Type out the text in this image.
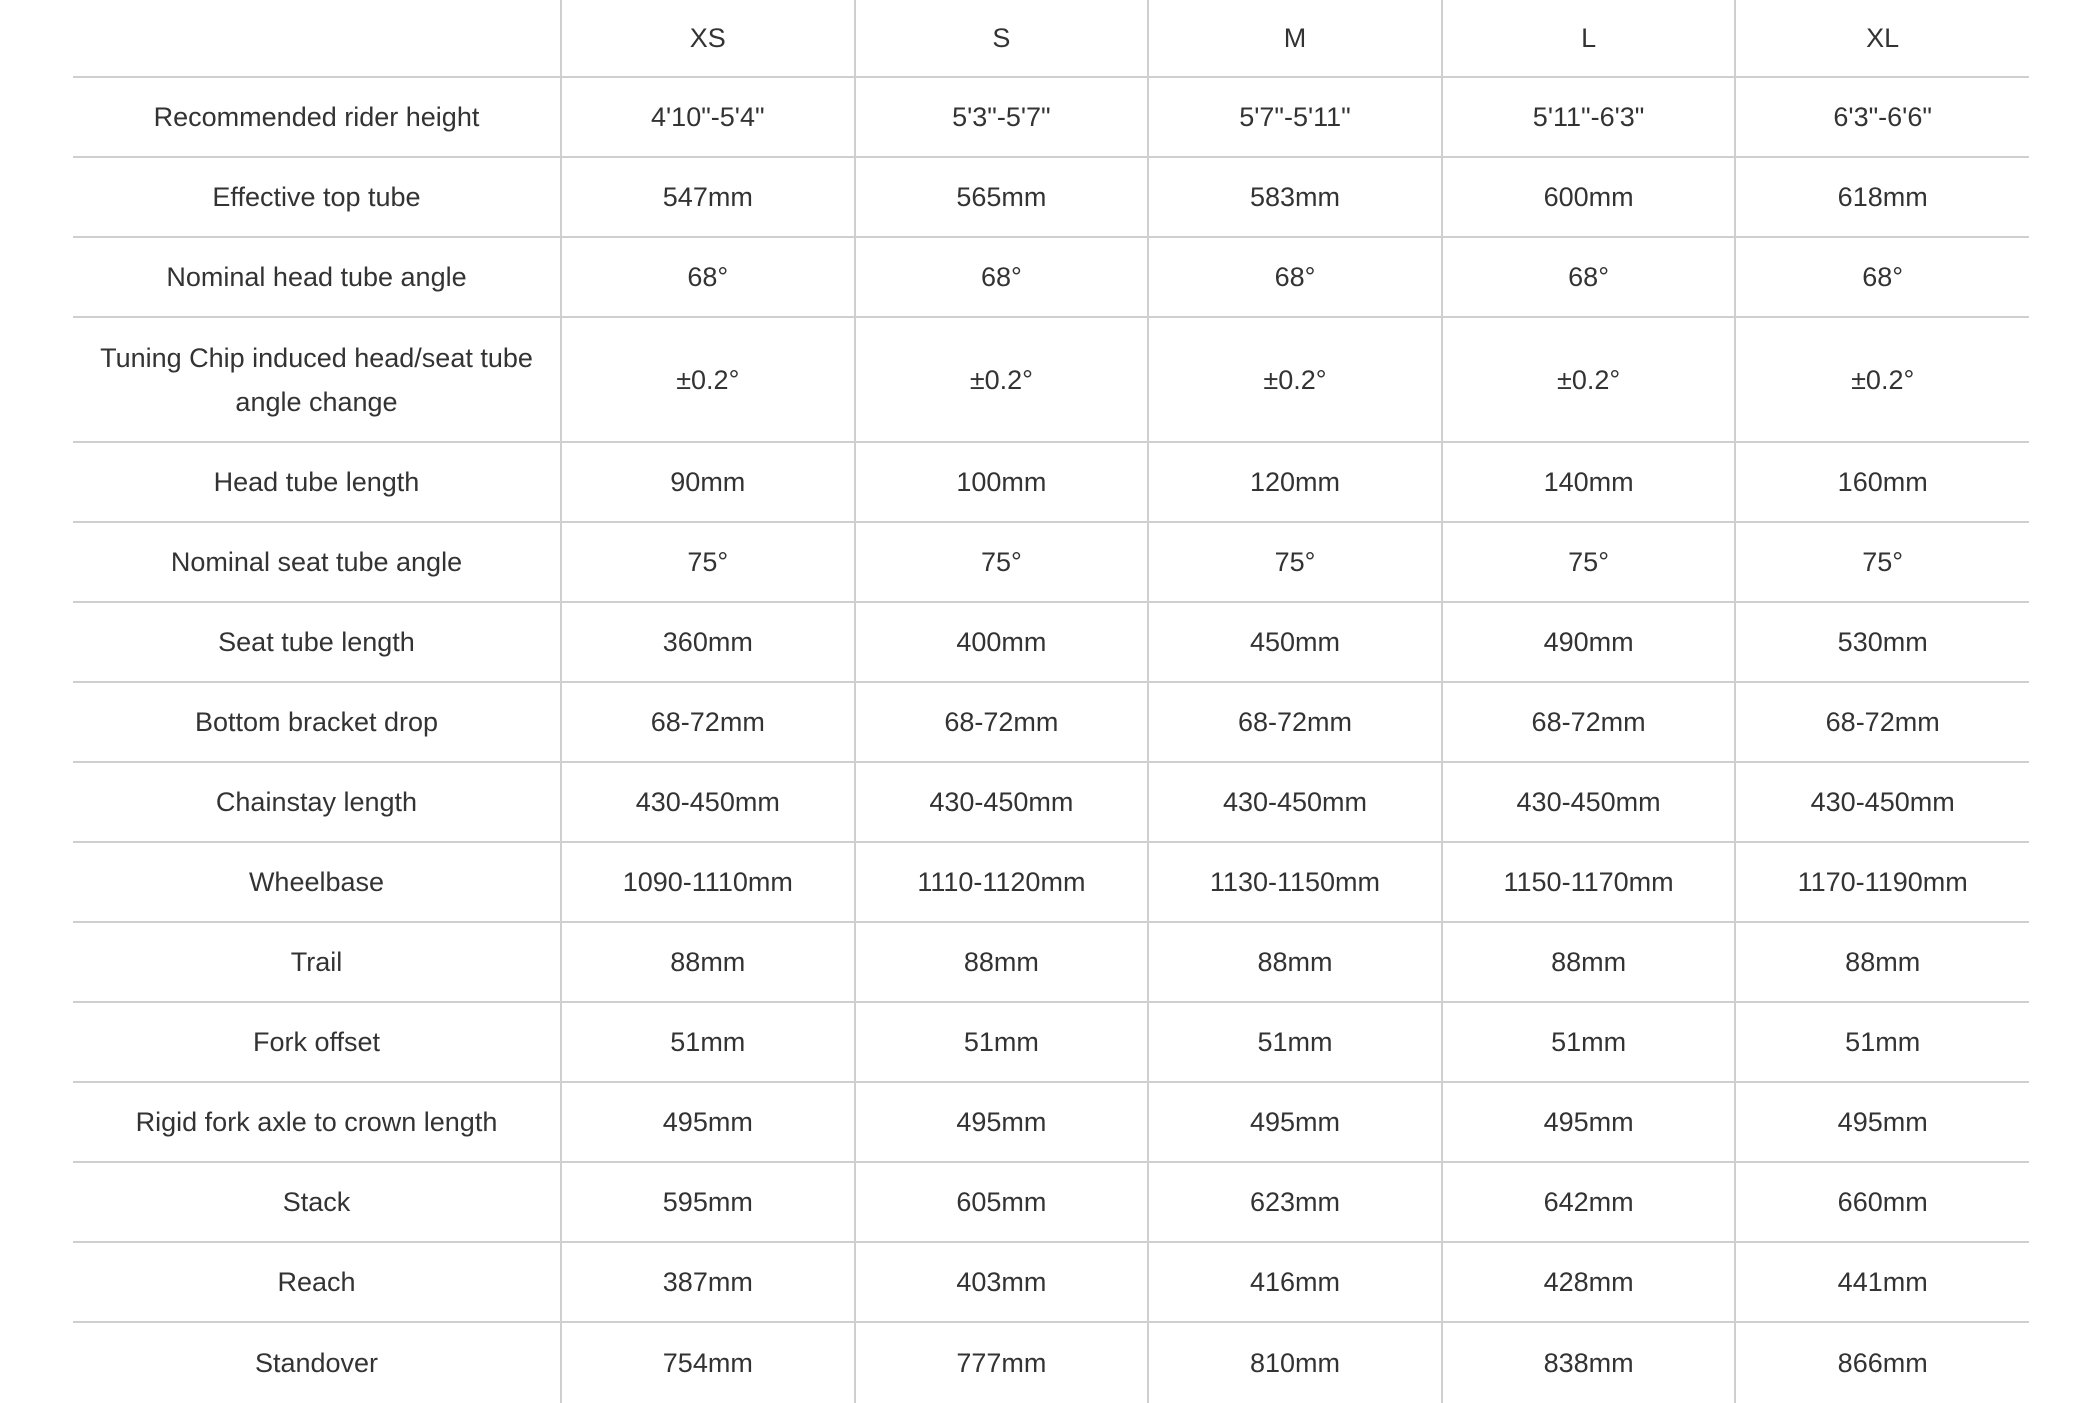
	XS	S	M	L	XL
Recommended rider height	4'10"-5'4"	5'3"-5'7"	5'7"-5'11"	5'11"-6'3"	6'3"-6'6"
Effective top tube	547mm	565mm	583mm	600mm	618mm
Nominal head tube angle	68°	68°	68°	68°	68°
Tuning Chip induced head/seat tube angle change	±0.2°	±0.2°	±0.2°	±0.2°	±0.2°
Head tube length	90mm	100mm	120mm	140mm	160mm
Nominal seat tube angle	75°	75°	75°	75°	75°
Seat tube length	360mm	400mm	450mm	490mm	530mm
Bottom bracket drop	68-72mm	68-72mm	68-72mm	68-72mm	68-72mm
Chainstay length	430-450mm	430-450mm	430-450mm	430-450mm	430-450mm
Wheelbase	1090-1110mm	1110-1120mm	1130-1150mm	1150-1170mm	1170-1190mm
Trail	88mm	88mm	88mm	88mm	88mm
Fork offset	51mm	51mm	51mm	51mm	51mm
Rigid fork axle to crown length	495mm	495mm	495mm	495mm	495mm
Stack	595mm	605mm	623mm	642mm	660mm
Reach	387mm	403mm	416mm	428mm	441mm
Standover	754mm	777mm	810mm	838mm	866mm
